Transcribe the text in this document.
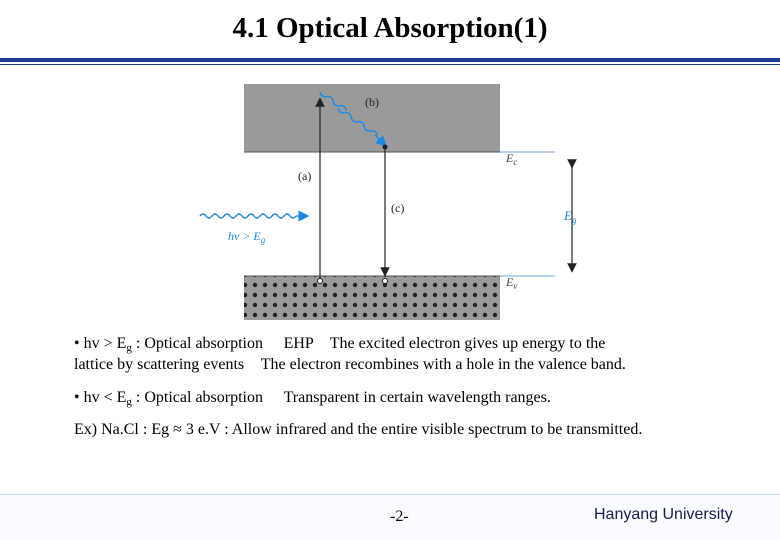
4.1 Optical Absorption(1)
$E_c$
$E_v$
$E_g$
(a)
(b)
(c)
$h\nu > E_g$
• hv > $E_g$ : Optical absorption ᅟ EHP ᅟThe excited electron gives up energy to the
lattice by scattering events ᅟThe electron recombines with a hole in the valence band.
• hv < $E_g$ : Optical absorption ᅟ Transparent in certain wavelength ranges.
Ex) Na.Cl : Eg ≈ 3 e.V : Allow infrared and the entire visible spectrum to be transmitted.
-2-	Hanyang University
